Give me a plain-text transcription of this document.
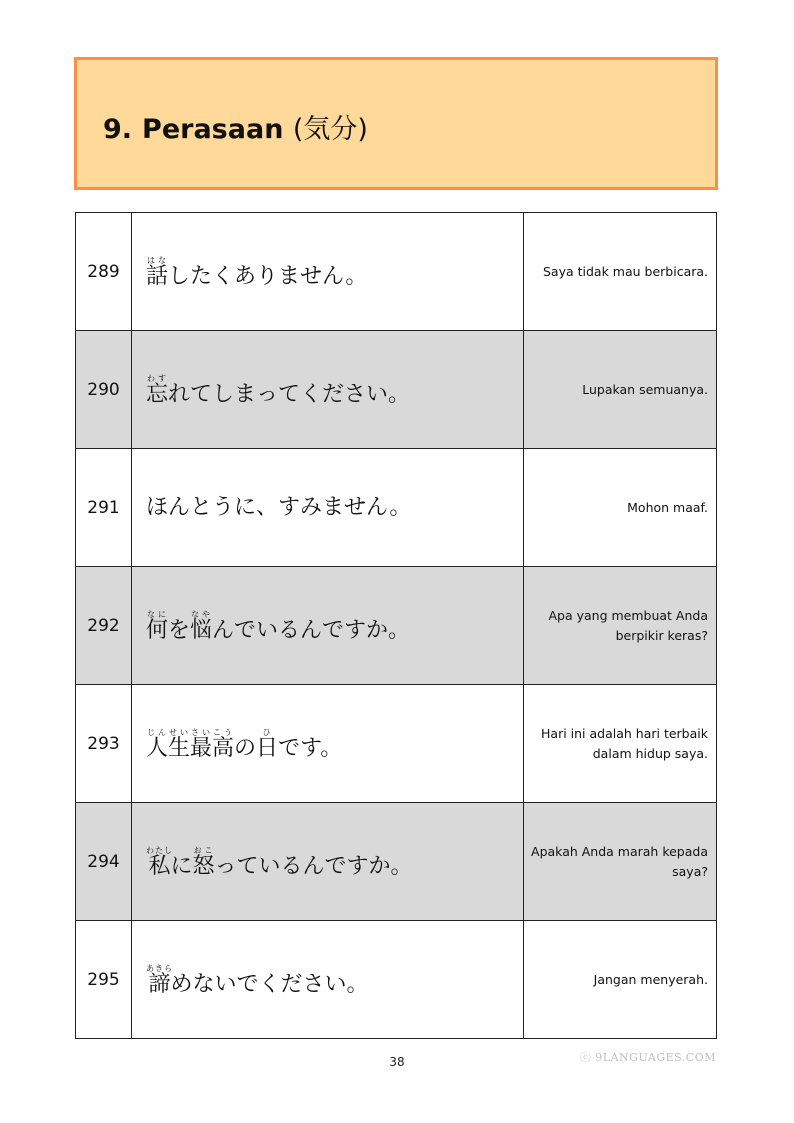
9. Perasaan (気分)
289	話はなしたくありません。	Saya tidak mau berbicara.
290	忘わすれてしまってください。	Lupakan semuanya.
291	ほんとうに、すみません。	Mohon maaf.
292	何なにを悩なやんでいるんですか。	Apa yang membuat Anda berpikir keras?
293	人生じんせい最高さいこうの日ひです。	Hari ini adalah hari terbaik dalam hidup saya.
294	私わたしに怒おこっているんですか。	Apakah Anda marah kepada saya?
295	諦あきらめないでください。	Jangan menyerah.
38	ⓒ 9LANGUAGES.COM
